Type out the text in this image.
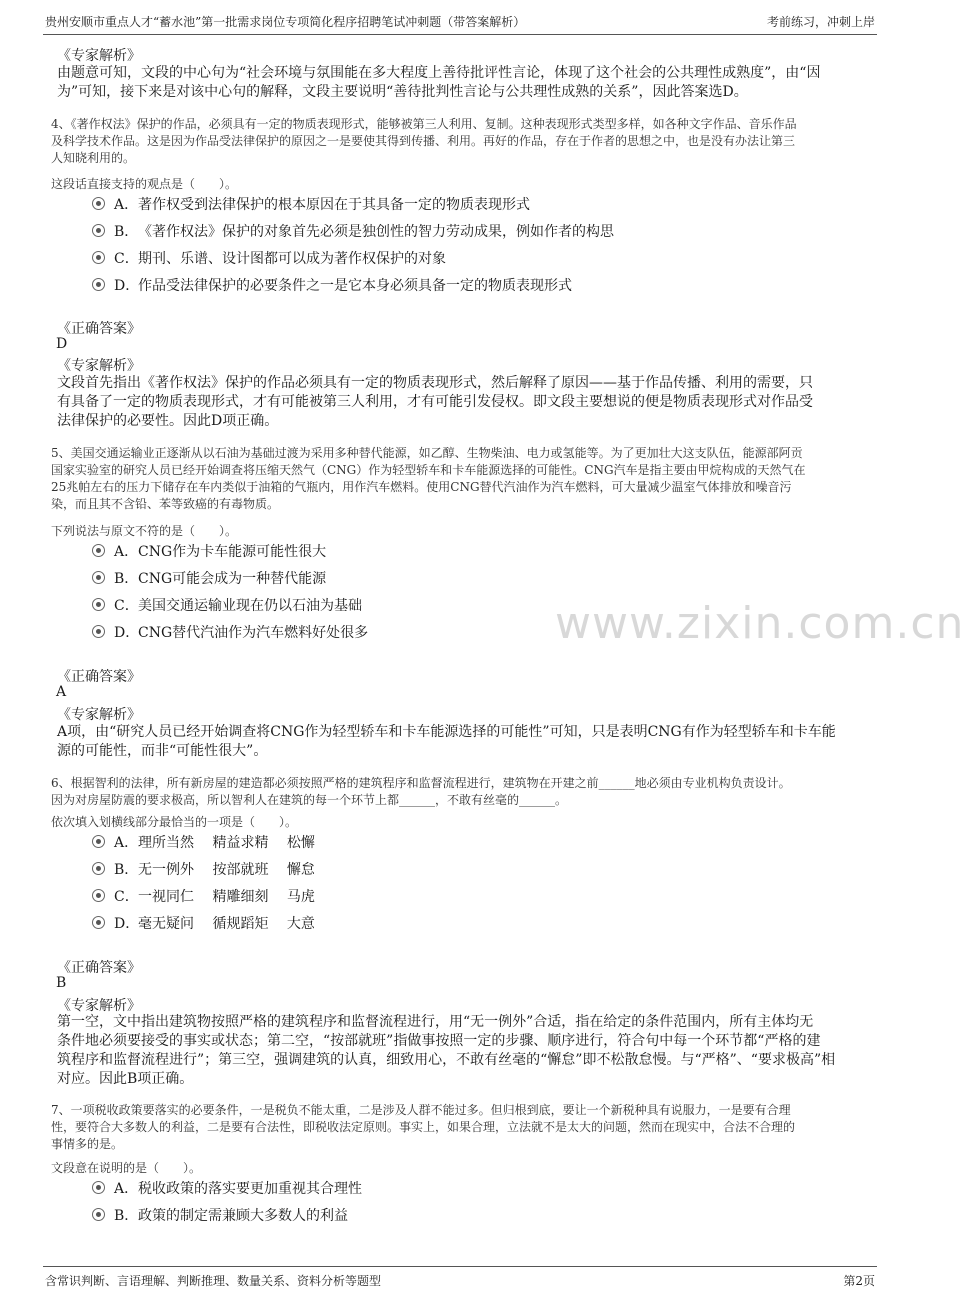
贵州安顺市重点人才“蓄水池”第一批需求岗位专项简化程序招聘笔试冲刺题（带答案解析）	考前练习，冲刺上岸
《专家解析》
由题意可知，文段的中心句为“社会环境与氛围能在多大程度上善待批评性言论，体现了这个社会的公共理性成熟度”，由“因
为”可知，接下来是对该中心句的解释，文段主要说明“善待批判性言论与公共理性成熟的关系”，因此答案选D。
4、《著作权法》保护的作品，必须具有一定的物质表现形式，能够被第三人利用、复制。这种表现形式类型多样，如各种文字作品、音乐作品
及科学技术作品。这是因为作品受法律保护的原因之一是要使其得到传播、利用。再好的作品，存在于作者的思想之中，也是没有办法让第三
人知晓利用的。
这段话直接支持的观点是（　　）。
A．著作权受到法律保护的根本原因在于其具备一定的物质表现形式
B．《著作权法》保护的对象首先必须是独创性的智力劳动成果，例如作者的构思
C．期刊、乐谱、设计图都可以成为著作权保护的对象
D．作品受法律保护的必要条件之一是它本身必须具备一定的物质表现形式
《正确答案》
D
《专家解析》
文段首先指出《著作权法》保护的作品必须具有一定的物质表现形式，然后解释了原因——基于作品传播、利用的需要，只
有具备了一定的物质表现形式，才有可能被第三人利用，才有可能引发侵权。即文段主要想说的便是物质表现形式对作品受
法律保护的必要性。因此D项正确。
5、美国交通运输业正逐渐从以石油为基础过渡为采用多种替代能源，如乙醇、生物柴油、电力或氢能等。为了更加壮大这支队伍，能源部阿贡
国家实验室的研究人员已经开始调查将压缩天然气（CNG）作为轻型轿车和卡车能源选择的可能性。CNG汽车是指主要由甲烷构成的天然气在
25兆帕左右的压力下储存在车内类似于油箱的气瓶内，用作汽车燃料。使用CNG替代汽油作为汽车燃料，可大量减少温室气体排放和噪音污
染，而且其不含铅、苯等致癌的有毒物质。
下列说法与原文不符的是（　　）。
A．CNG作为卡车能源可能性很大
B．CNG可能会成为一种替代能源
C．美国交通运输业现在仍以石油为基础
D．CNG替代汽油作为汽车燃料好处很多
《正确答案》
A
《专家解析》
A项，由“研究人员已经开始调查将CNG作为轻型轿车和卡车能源选择的可能性”可知，只是表明CNG有作为轻型轿车和卡车能
源的可能性，而非“可能性很大”。
6、根据智利的法律，所有新房屋的建造都必须按照严格的建筑程序和监督流程进行，建筑物在开建之前______地必须由专业机构负责设计。
因为对房屋防震的要求极高，所以智利人在建筑的每一个环节上都______，不敢有丝毫的______。
依次填入划横线部分最恰当的一项是（　　）。
A．理所当然　 精益求精　 松懈
B．无一例外　 按部就班　 懈怠
C．一视同仁　 精雕细刻　 马虎
D．毫无疑问　 循规蹈矩　 大意
《正确答案》
B
《专家解析》
第一空，文中指出建筑物按照严格的建筑程序和监督流程进行，用“无一例外”合适，指在给定的条件范围内，所有主体均无
条件地必须要接受的事实或状态；第二空，“按部就班”指做事按照一定的步骤、顺序进行，符合句中每一个环节都“严格的建
筑程序和监督流程进行”；第三空，强调建筑的认真，细致用心，不敢有丝毫的“懈怠”即不松散怠慢。与“严格”、“要求极高”相
对应。因此B项正确。
7、一项税收政策要落实的必要条件，一是税负不能太重，二是涉及人群不能过多。但归根到底，要让一个新税种具有说服力，一是要有合理
性，要符合大多数人的利益，二是要有合法性，即税收法定原则。事实上，如果合理，立法就不是太大的问题，然而在现实中，合法不合理的
事情多的是。
文段意在说明的是（　　）。
A．税收政策的落实要更加重视其合理性
B．政策的制定需兼顾大多数人的利益
www.zixin.com.cn
含常识判断、言语理解、判断推理、数量关系、资料分析等题型	第2页
